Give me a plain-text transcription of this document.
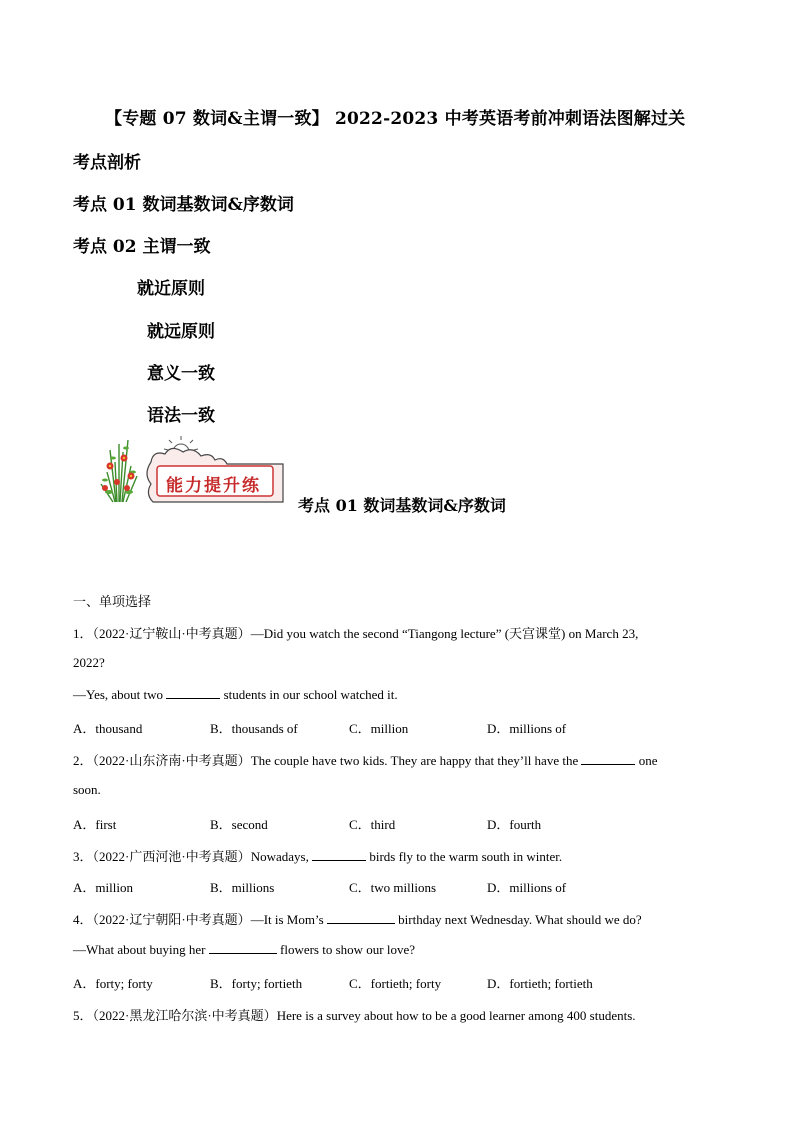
【专题 07 数词&主谓一致】 2022-2023 中考英语考前冲刺语法图解过关
考点剖析
考点 01 数词基数词&序数词
考点 02 主谓一致
就近原则
就远原则
意义一致
语法一致
能力提升练
考点 01 数词基数词&序数词
一、单项选择
1．（2022·辽宁鞍山·中考真题）—Did you watch the second “Tiangong lecture” (天宫课堂) on March 23,
2022?
—Yes, about two	students in our school watched it.
A．thousand	B．thousands of	C．million	D．millions of
2．（2022·山东济南·中考真题）The couple have two kids. They are happy that they’ll have the	one
soon.
A．first	B．second	C．third	D．fourth
3．（2022·广西河池·中考真题）Nowadays,	birds fly to the warm south in winter.
A．million	B．millions	C．two millions	D．millions of
4．（2022·辽宁朝阳·中考真题）—It is Mom’s	birthday next Wednesday. What should we do?
—What about buying her	flowers to show our love?
A．forty; forty	B．forty; fortieth	C．fortieth; forty	D．fortieth; fortieth
5．（2022·黑龙江哈尔滨·中考真题）Here is a survey about how to be a good learner among 400 students.
